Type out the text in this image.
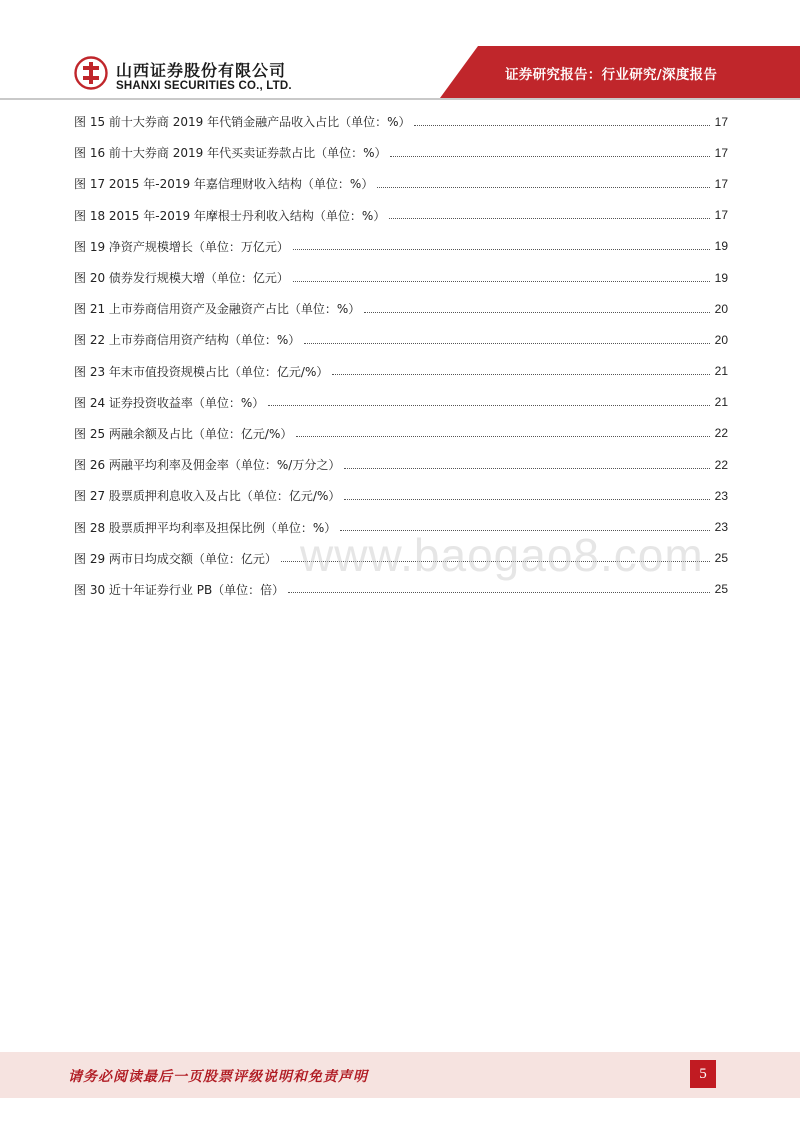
山西证券股份有限公司
SHANXI SECURITIES CO., LTD.
证券研究报告：行业研究/深度报告
图 15 前十大券商 2019 年代销金融产品收入占比（单位：%）	17
图 16 前十大券商 2019 年代买卖证券款占比（单位：%）	17
图 17 2015 年-2019 年嘉信理财收入结构（单位：%）	17
图 18 2015 年-2019 年摩根士丹利收入结构（单位：%）	17
图 19 净资产规模增长（单位：万亿元）	19
图 20 债券发行规模大增（单位：亿元）	19
图 21 上市券商信用资产及金融资产占比（单位：%）	20
图 22 上市券商信用资产结构（单位：%）	20
图 23 年末市值投资规模占比（单位：亿元/%）	21
图 24 证券投资收益率（单位：%）	21
图 25 两融余额及占比（单位：亿元/%）	22
图 26 两融平均利率及佣金率（单位：%/万分之）	22
图 27 股票质押利息收入及占比（单位：亿元/%）	23
图 28 股票质押平均利率及担保比例（单位：%）	23
图 29 两市日均成交额（单位：亿元）	25
图 30 近十年证券行业 PB（单位：倍）	25
www.baogao8.com
请务必阅读最后一页股票评级说明和免责声明	5
